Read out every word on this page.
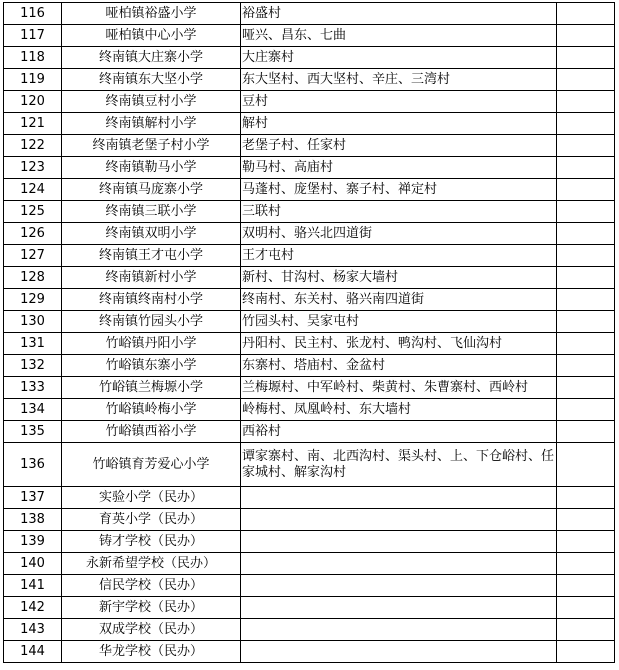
116	哑柏镇裕盛小学	裕盛村	
117	哑柏镇中心小学	哑兴、昌东、七曲	
118	终南镇大庄寨小学	大庄寨村	
119	终南镇东大坚小学	东大坚村、西大坚村、辛庄、三湾村	
120	终南镇豆村小学	豆村	
121	终南镇解村小学	解村	
122	终南镇老堡子村小学	老堡子村、任家村	
123	终南镇勒马小学	勒马村、高庙村	
124	终南镇马庞寨小学	马蓬村、庞堡村、寨子村、禅定村	
125	终南镇三联小学	三联村	
126	终南镇双明小学	双明村、骆兴北四道街	
127	终南镇王才屯小学	王才屯村	
128	终南镇新村小学	新村、甘沟村、杨家大墙村	
129	终南镇终南村小学	终南村、东关村、骆兴南四道街	
130	终南镇竹园头小学	竹园头村、吴家屯村	
131	竹峪镇丹阳小学	丹阳村、民主村、张龙村、鸭沟村、飞仙沟村	
132	竹峪镇东寨小学	东寨村、塔庙村、金盆村	
133	竹峪镇兰梅塬小学	兰梅塬村、中军岭村、柴黄村、朱曹寨村、西岭村	
134	竹峪镇岭梅小学	岭梅村、凤凰岭村、东大墙村	
135	竹峪镇西裕小学	西裕村	
136	竹峪镇育芳爱心小学	谭家寨村、南、北西沟村、渠头村、上、下仓峪村、任家城村、解家沟村	
137	实验小学（民办）		
138	育英小学（民办）		
139	铸才学校（民办）		
140	永新希望学校（民办）		
141	信民学校（民办）		
142	新宇学校（民办）		
143	双成学校（民办）		
144	华龙学校（民办）		
